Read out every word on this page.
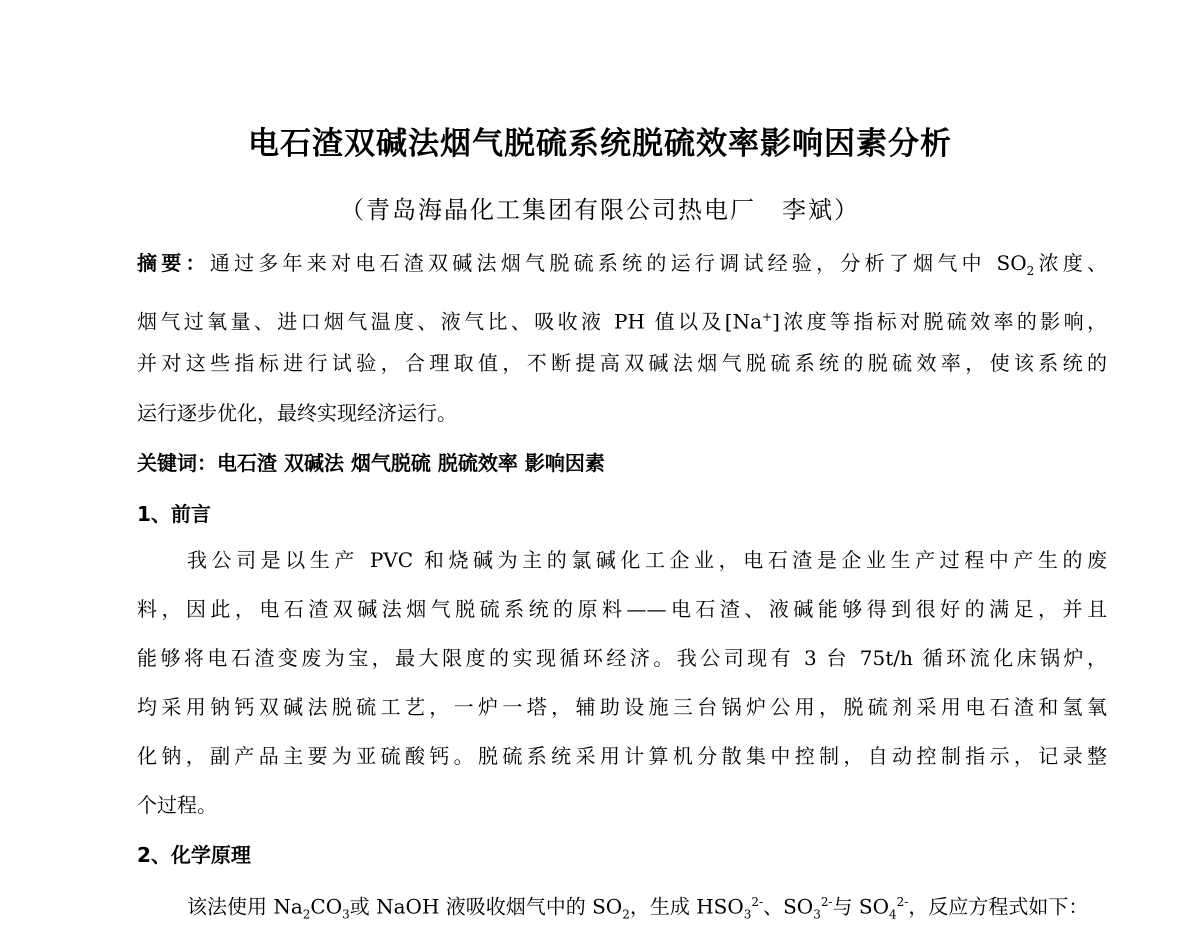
电石渣双碱法烟气脱硫系统脱硫效率影响因素分析
（青岛海晶化工集团有限公司热电厂　李斌）
摘要：通过多年来对电石渣双碱法烟气脱硫系统的运行调试经验，分析了烟气中 $SO_2$浓度、
烟气过氧量、进口烟气温度、液气比、吸收液 PH 值以及[Na+]浓度等指标对脱硫效率的影响，
并对这些指标进行试验，合理取值，不断提高双碱法烟气脱硫系统的脱硫效率，使该系统的
运行逐步优化，最终实现经济运行。
关键词：电石渣 双碱法 烟气脱硫 脱硫效率 影响因素
1、前言
我公司是以生产 PVC 和烧碱为主的氯碱化工企业，电石渣是企业生产过程中产生的废
料，因此，电石渣双碱法烟气脱硫系统的原料——电石渣、液碱能够得到很好的满足，并且
能够将电石渣变废为宝，最大限度的实现循环经济。我公司现有 3 台 75t/h 循环流化床锅炉，
均采用钠钙双碱法脱硫工艺，一炉一塔，辅助设施三台锅炉公用，脱硫剂采用电石渣和氢氧
化钠，副产品主要为亚硫酸钙。脱硫系统采用计算机分散集中控制，自动控制指示，记录整
个过程。
2、化学原理
该法使用 $Na_2CO_3$或 NaOH 液吸收烟气中的 $SO_2$，生成 $HSO_3^{2-}$、$SO_3^{2-}$与 $SO_4^{2-}$，反应方程式如下：
